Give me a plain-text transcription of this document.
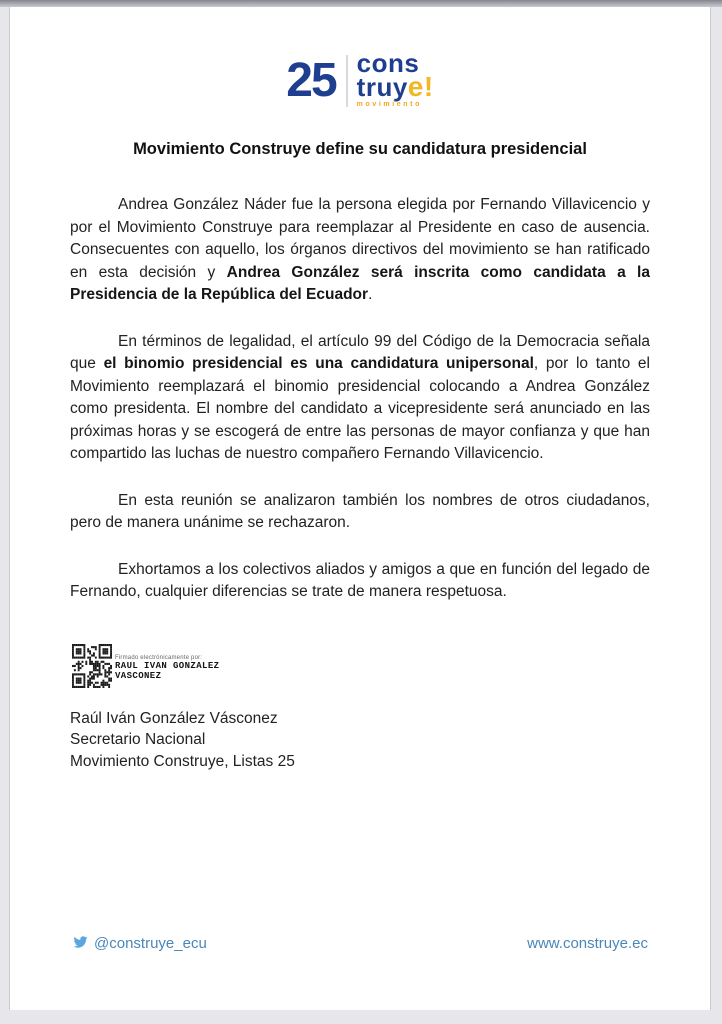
25 cons
truye!
movimiento
Movimiento Construye define su candidatura presidencial

Andrea González Náder fue la persona elegida por Fernando Villavicencio y por el Movimiento Construye para reemplazar al Presidente en caso de ausencia. Consecuentes con aquello, los órganos directivos del movimiento se han ratificado en esta decisión y Andrea González será inscrita como candidata a la Presidencia de la República del Ecuador.

En términos de legalidad, el artículo 99 del Código de la Democracia señala que el binomio presidencial es una candidatura unipersonal, por lo tanto el Movimiento reemplazará el binomio presidencial colocando a Andrea González como presidenta. El nombre del candidato a vicepresidente será anunciado en las próximas horas y se escogerá de entre las personas de mayor confianza y que han compartido las luchas de nuestro compañero Fernando Villavicencio.

En esta reunión se analizaron también los nombres de otros ciudadanos, pero de manera unánime se rechazaron.

Exhortamos a los colectivos aliados y amigos a que en función del legado de Fernando, cualquier diferencias se trate de manera respetuosa.

Firmado electrónicamente por:
RAUL IVAN GONZALEZ
VASCONEZ
Raúl Iván González Vásconez
Secretario Nacional
Movimiento Construye, Listas 25
@construye_ecu	www.construye.ec
